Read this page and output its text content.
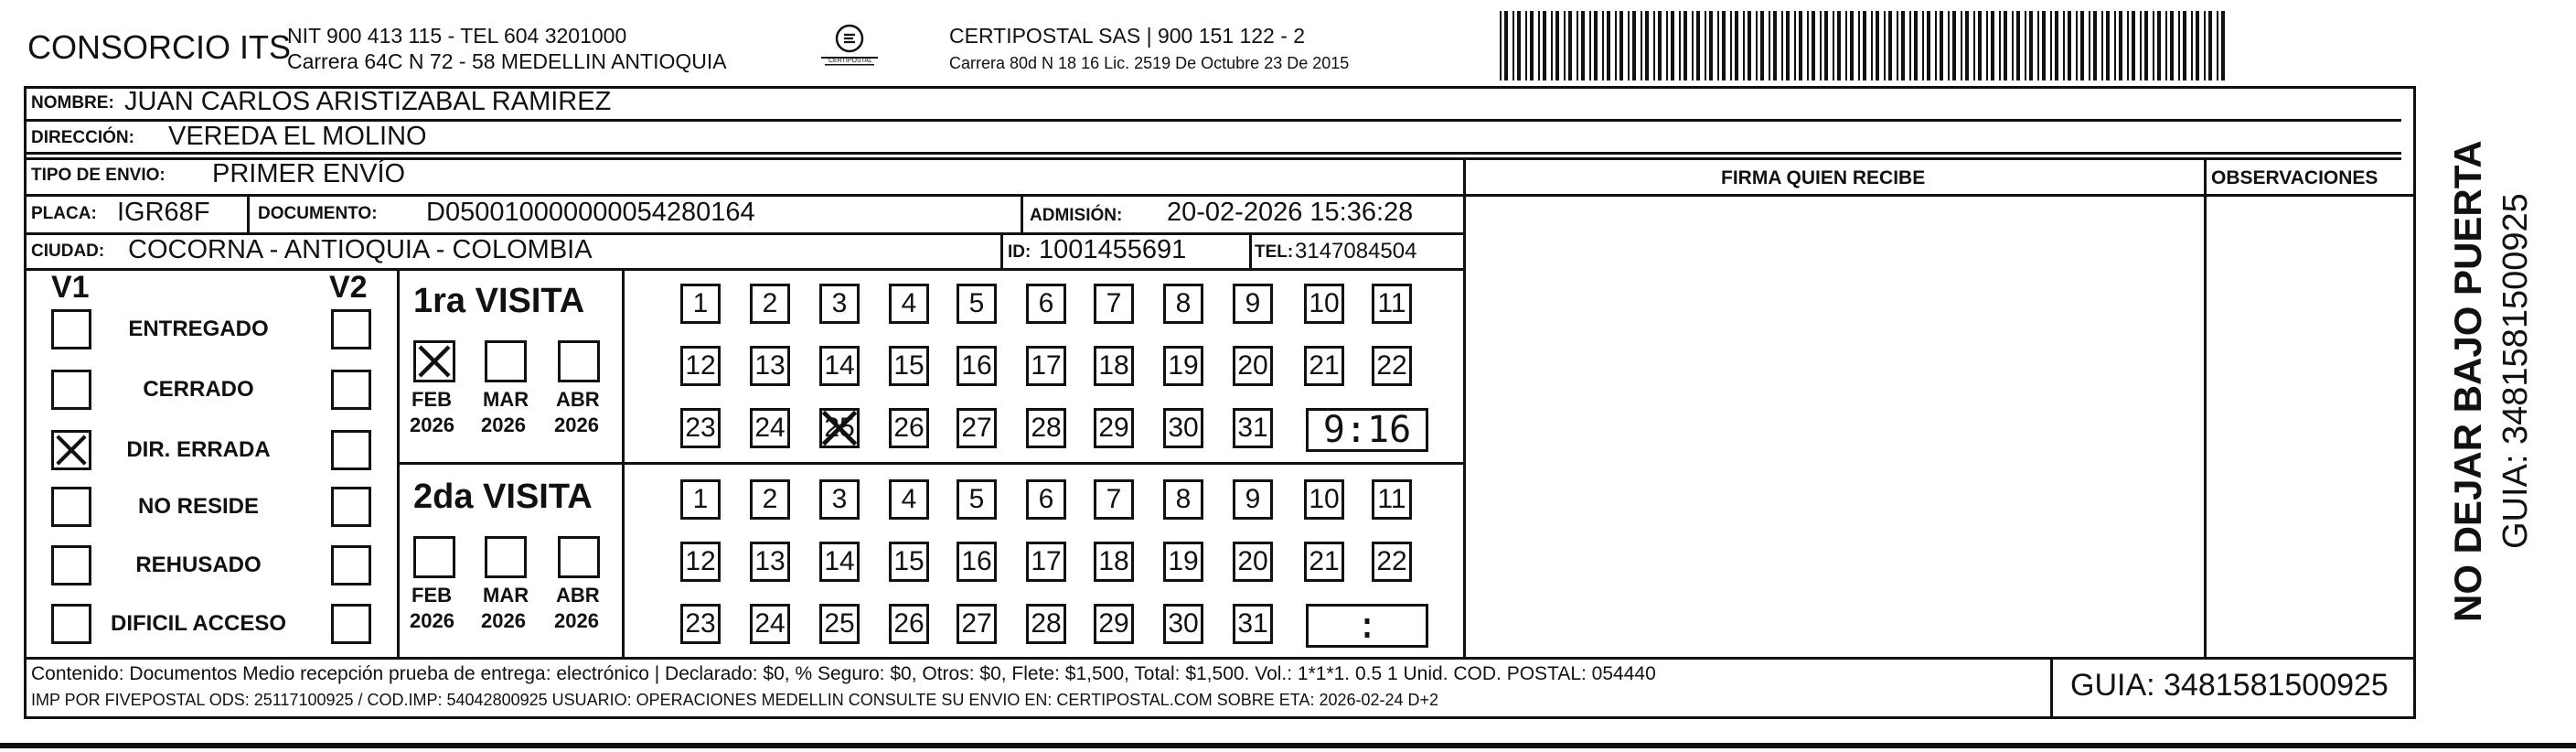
CONSORCIO ITS
NIT 900 413 115 - TEL 604 3201000
Carrera 64C N 72 - 58 MEDELLIN ANTIOQUIA	CERTIPOSTAL
CERTIPOSTAL SAS | 900 151 122 - 2
Carrera 80d N 18 16 Lic. 2519 De Octubre 23 De 2015
NOMBRE: JUAN CARLOS ARISTIZABAL RAMIREZ
DIRECCIÓN: VEREDA EL MOLINO
TIPO DE ENVIO: PRIMER ENVÍO	FIRMA QUIEN RECIBE	OBSERVACIONES
PLACA: IGR68F	DOCUMENTO: D050010000000054280164	ADMISIÓN: 20-02-2026 15:36:28
CIUDAD: COCORNA - ANTIOQUIA - COLOMBIA	ID: 1001455691	TEL: 3147084504
V1	V2
ENTREGADO
CERRADO
DIR. ERRADA
NO RESIDE
REHUSADO
DIFICIL ACCESO
1ra VISITA
FEB
2026
MAR
2026
ABR
2026
1	2	3	4	5	6	7	8	9	10 11
12 13 14 15 16 17 18 19 20 21 22
23 24 25 26 27 28 29 30 31	9:16
2da VISITA
FEB
2026
MAR
2026
ABR
2026
1	2	3	4	5	6	7	8	9	10 11
12 13 14 15 16 17 18 19 20 21 22
23 24 25 26 27 28 29 30 31	:
Contenido: Documentos Medio recepción prueba de entrega: electrónico | Declarado: $0, % Seguro: $0, Otros: $0, Flete: $1,500, Total: $1,500. Vol.: 1*1*1. 0.5 1 Unid. COD. POSTAL: 054440
IMP POR FIVEPOSTAL ODS: 25117100925 / COD.IMP: 54042800925 USUARIO: OPERACIONES MEDELLIN CONSULTE SU ENVIO EN: CERTIPOSTAL.COM SOBRE ETA: 2026-02-24 D+2	GUIA: 3481581500925
NO DEJAR BAJO PUERTA GUIA: 3481581500925
